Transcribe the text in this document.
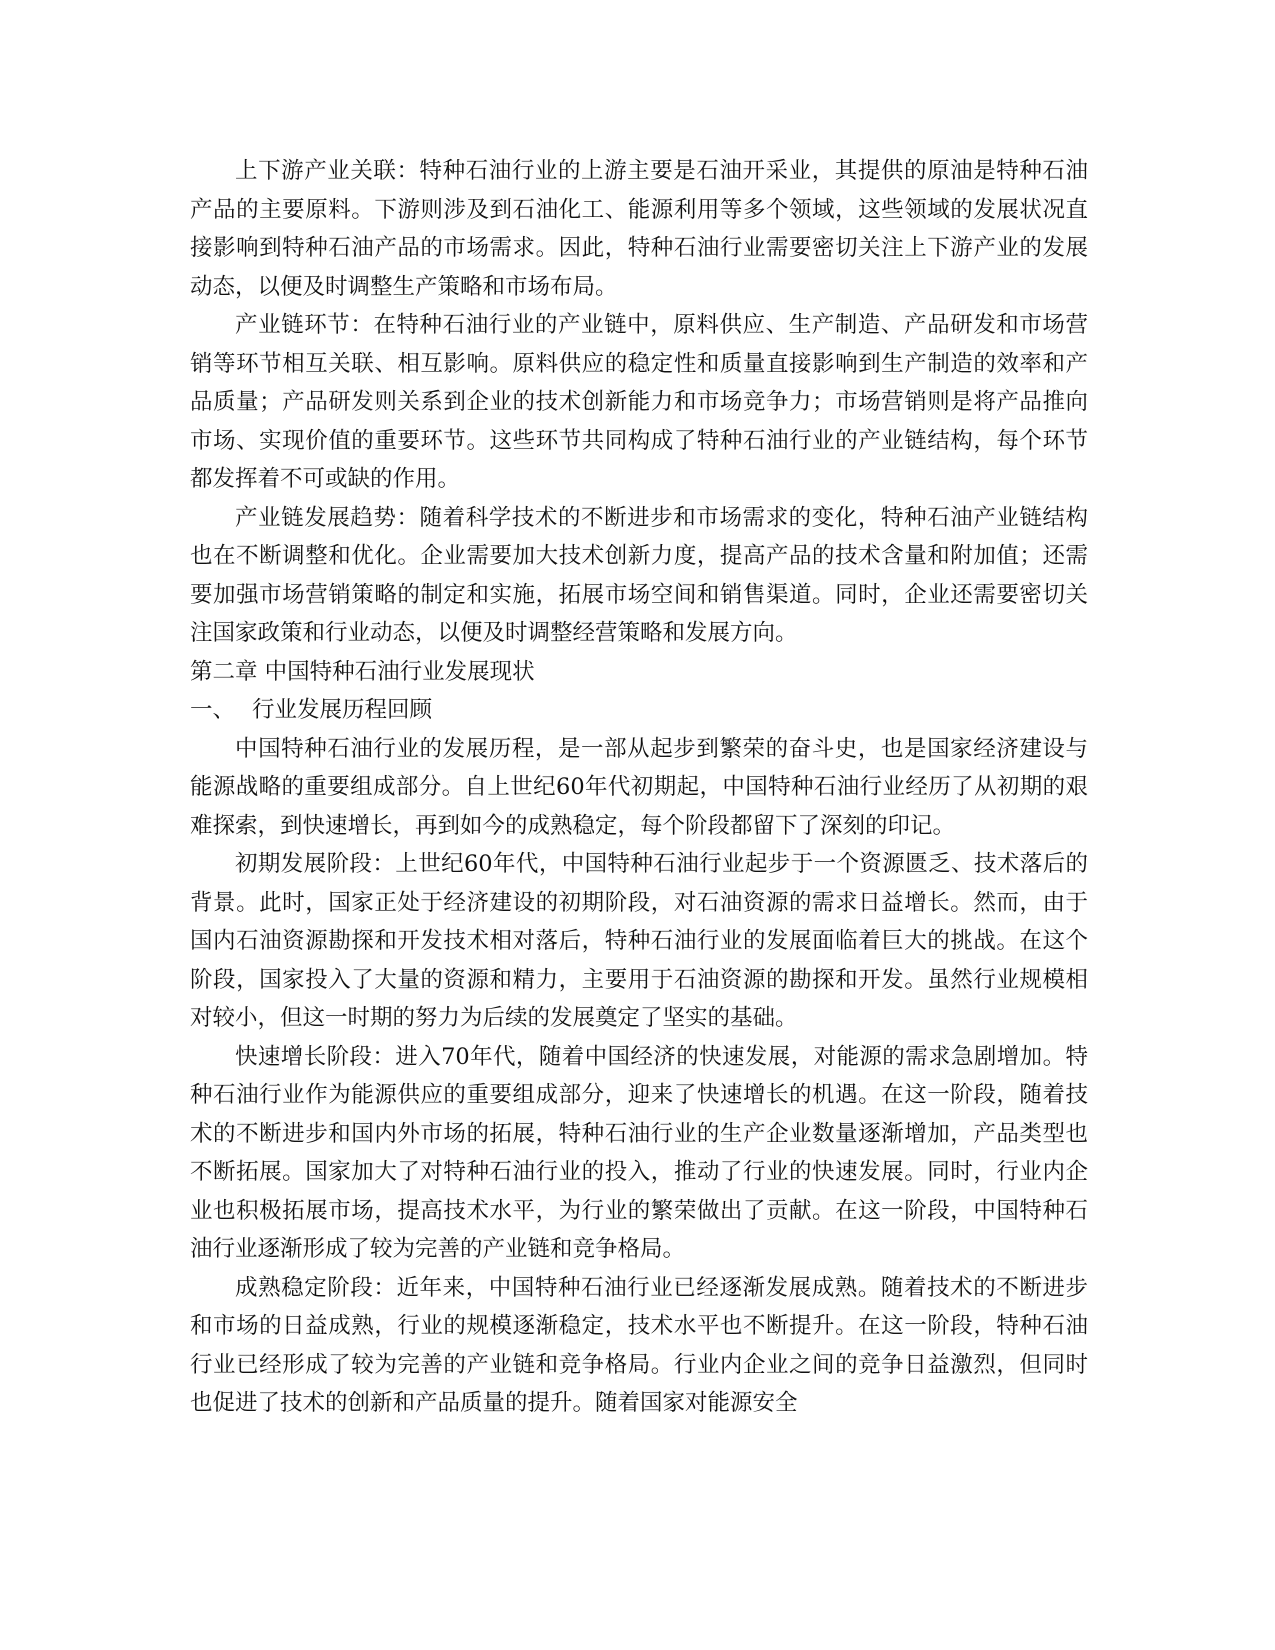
上下游产业关联：特种石油行业的上游主要是石油开采业，其提供的原油是特种石油产品的主要原料。下游则涉及到石油化工、能源利用等多个领域，这些领域的发展状况直接影响到特种石油产品的市场需求。因此，特种石油行业需要密切关注上下游产业的发展动态，以便及时调整生产策略和市场布局。

产业链环节：在特种石油行业的产业链中，原料供应、生产制造、产品研发和市场营销等环节相互关联、相互影响。原料供应的稳定性和质量直接影响到生产制造的效率和产品质量；产品研发则关系到企业的技术创新能力和市场竞争力；市场营销则是将产品推向市场、实现价值的重要环节。这些环节共同构成了特种石油行业的产业链结构，每个环节都发挥着不可或缺的作用。

产业链发展趋势：随着科学技术的不断进步和市场需求的变化，特种石油产业链结构也在不断调整和优化。企业需要加大技术创新力度，提高产品的技术含量和附加值；还需要加强市场营销策略的制定和实施，拓展市场空间和销售渠道。同时，企业还需要密切关注国家政策和行业动态，以便及时调整经营策略和发展方向。

第二章 中国特种石油行业发展现状

一、 行业发展历程回顾

中国特种石油行业的发展历程，是一部从起步到繁荣的奋斗史，也是国家经济建设与能源战略的重要组成部分。自上世纪60年代初期起，中国特种石油行业经历了从初期的艰难探索，到快速增长，再到如今的成熟稳定，每个阶段都留下了深刻的印记。

初期发展阶段：上世纪60年代，中国特种石油行业起步于一个资源匮乏、技术落后的背景。此时，国家正处于经济建设的初期阶段，对石油资源的需求日益增长。然而，由于国内石油资源勘探和开发技术相对落后，特种石油行业的发展面临着巨大的挑战。在这个阶段，国家投入了大量的资源和精力，主要用于石油资源的勘探和开发。虽然行业规模相对较小，但这一时期的努力为后续的发展奠定了坚实的基础。

快速增长阶段：进入70年代，随着中国经济的快速发展，对能源的需求急剧增加。特种石油行业作为能源供应的重要组成部分，迎来了快速增长的机遇。在这一阶段，随着技术的不断进步和国内外市场的拓展，特种石油行业的生产企业数量逐渐增加，产品类型也不断拓展。国家加大了对特种石油行业的投入，推动了行业的快速发展。同时，行业内企业也积极拓展市场，提高技术水平，为行业的繁荣做出了贡献。在这一阶段，中国特种石油行业逐渐形成了较为完善的产业链和竞争格局。

成熟稳定阶段：近年来，中国特种石油行业已经逐渐发展成熟。随着技术的不断进步和市场的日益成熟，行业的规模逐渐稳定，技术水平也不断提升。在这一阶段，特种石油行业已经形成了较为完善的产业链和竞争格局。行业内企业之间的竞争日益激烈，但同时也促进了技术的创新和产品质量的提升。随着国家对能源安全
